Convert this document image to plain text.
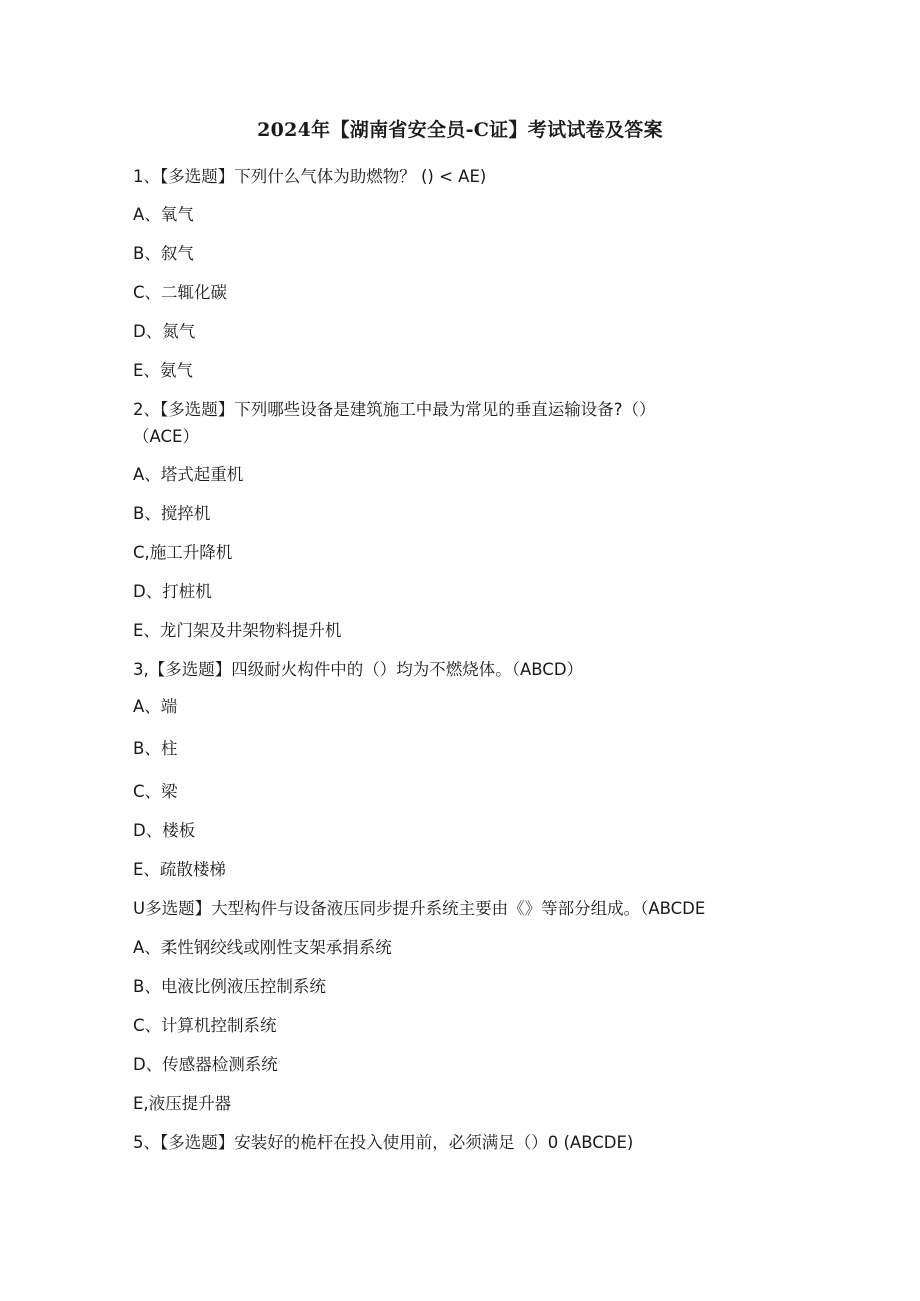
2024年【湖南省安全员-C证】考试试卷及答案
1、【多选题】下列什么气体为助燃物？ () < AE)
A、氧气
B、叙气
C、二辄化碳
D、氮气
E、氨气
2、【多选题】下列哪些设备是建筑施工中最为常见的垂直运输设备?（）
（ACE）
A、塔式起重机
B、搅捽机
C,施工升降机
D、打桩机
E、龙门架及井架物料提升机
3,【多选题】四级耐火构件中的（）均为不燃烧体。（ABCD）
A、端
B、柱
C、梁
D、楼板
E、疏散楼梯
U多选题】大型构件与设备液压同步提升系统主要由《》等部分组成。（ABCDE
A、柔性钢绞线或刚性支架承捐系统
B、电液比例液压控制系统
C、计算机控制系统
D、传感器检测系统
E,液压提升器
5、【多选题】安装好的桅杆在投入使用前，必须满足（）0 (ABCDE)
